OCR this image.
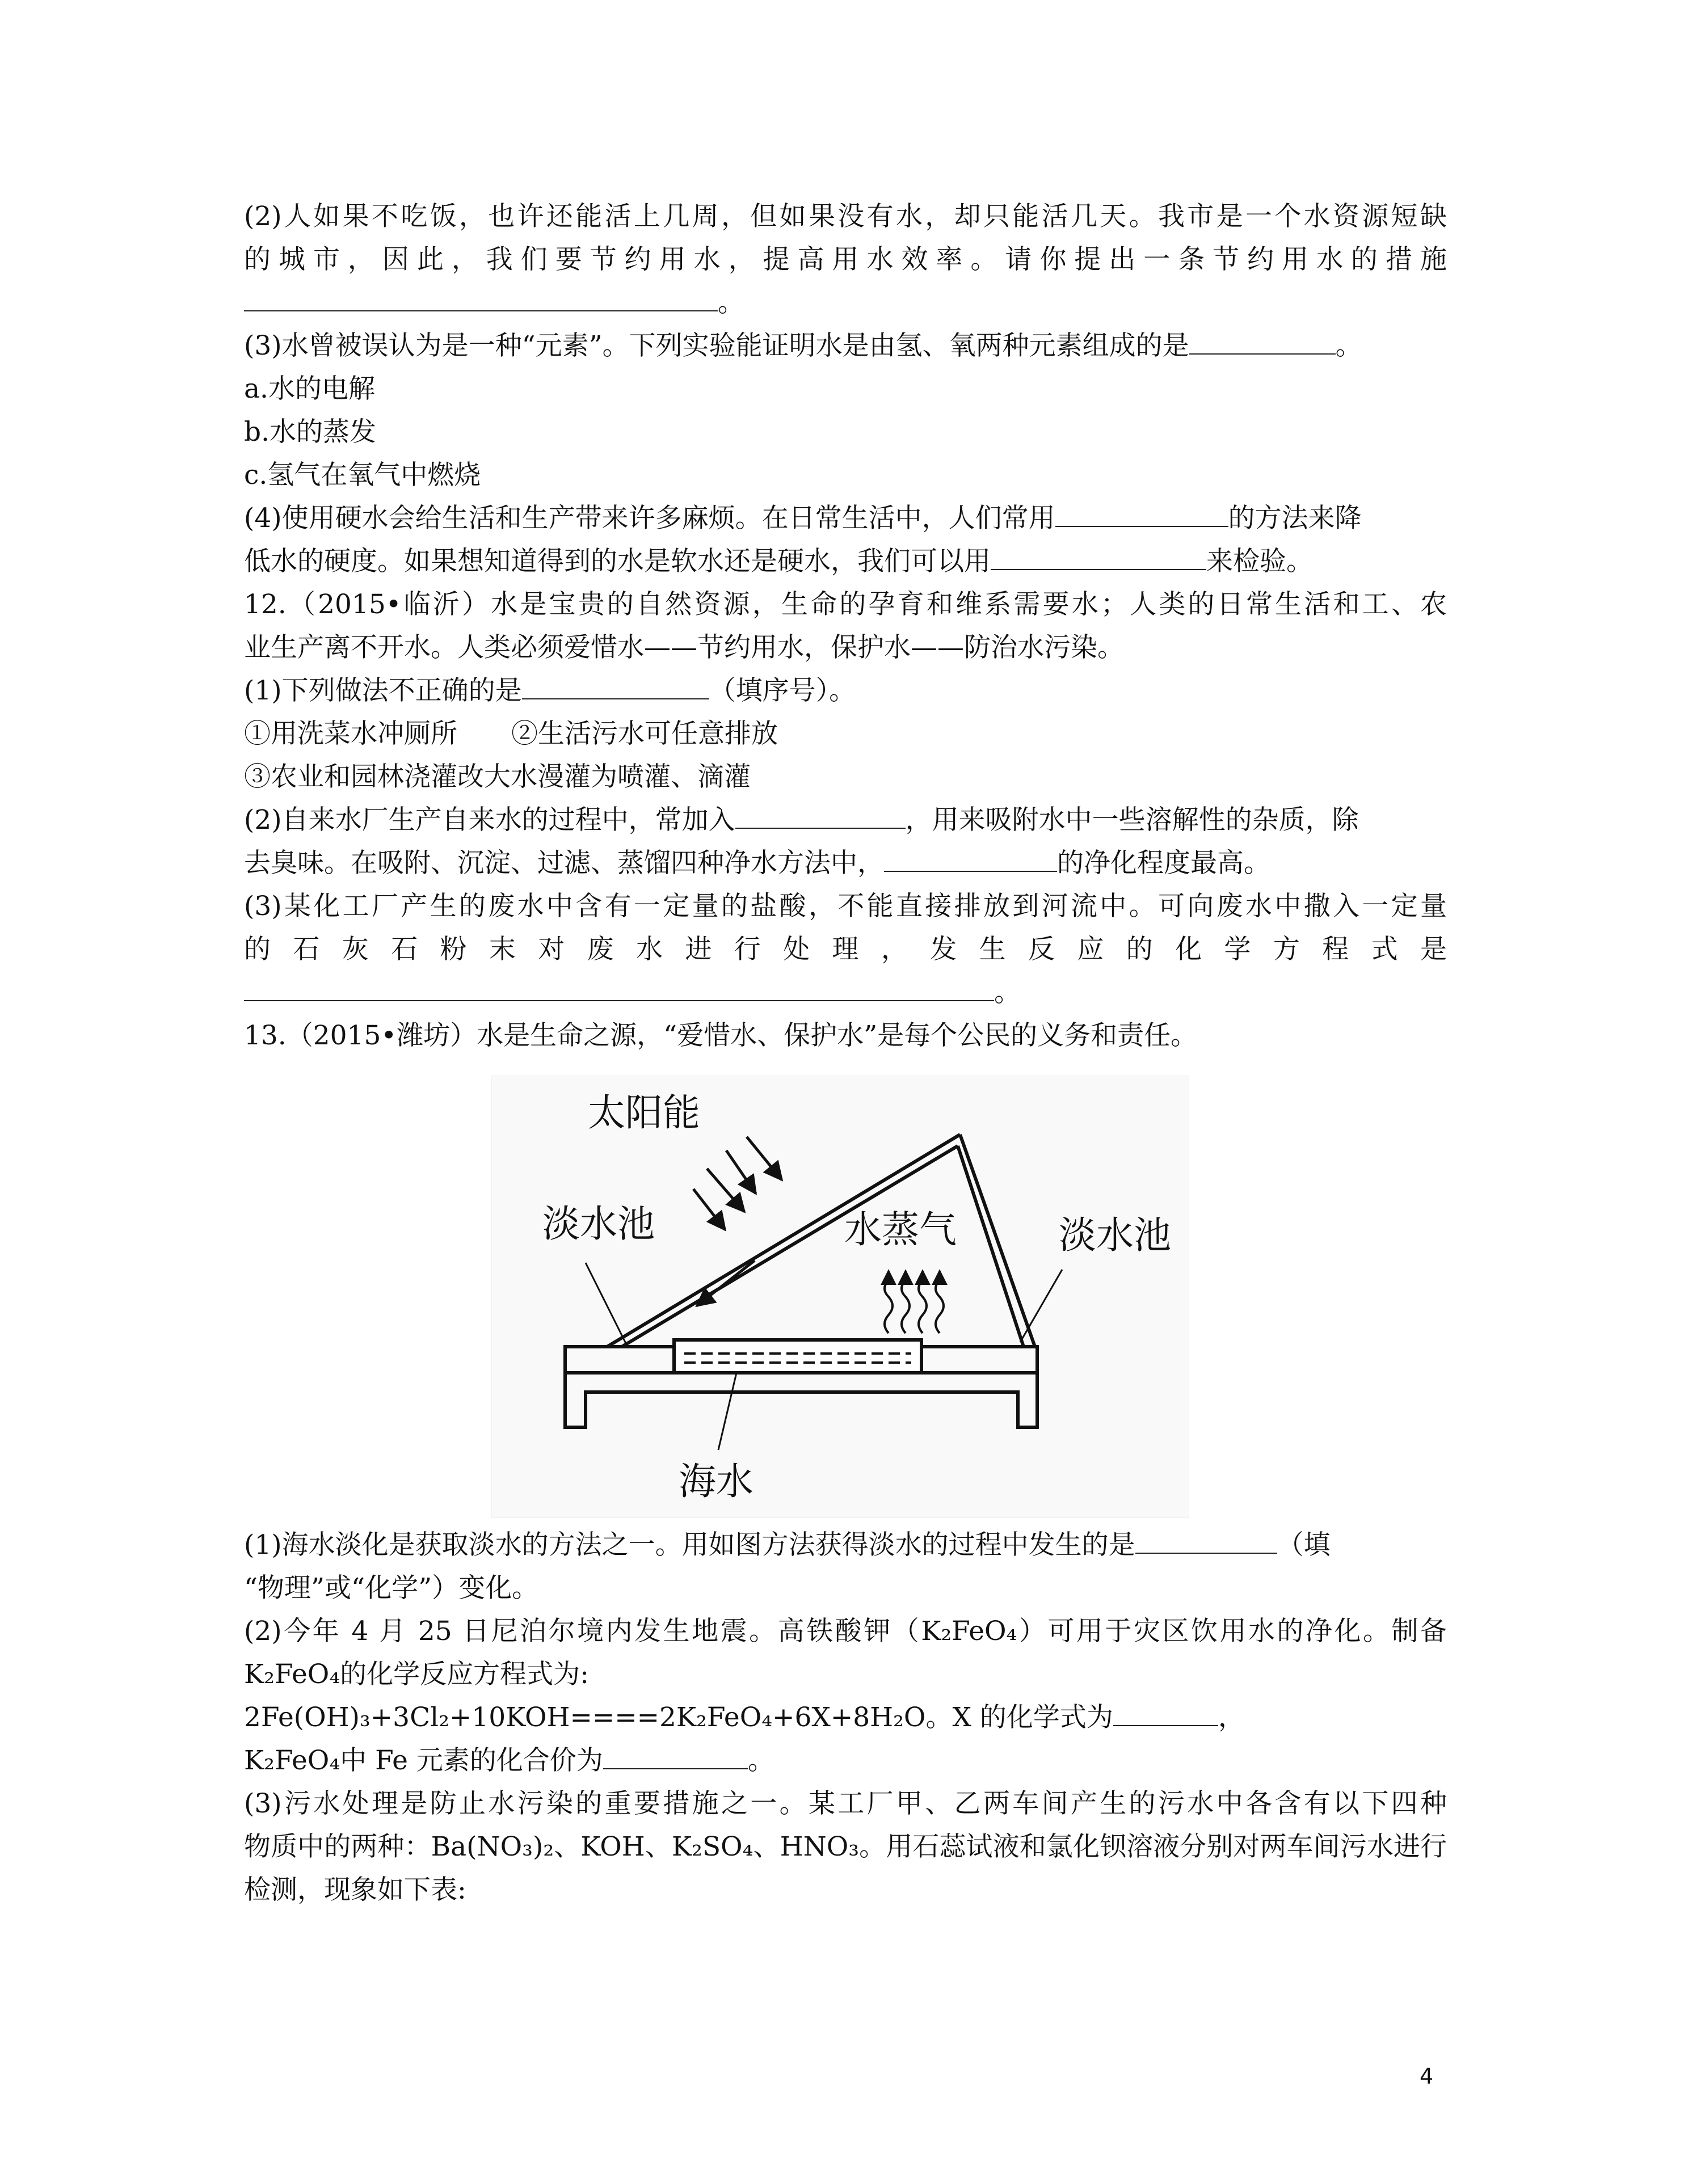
(2)人如果不吃饭，也许还能活上几周，但如果没有水，却只能活几天。我市是一个水资源短缺
的城市，因此，我们要节约用水，提高用水效率。请你提出一条节约用水的措施
。
(3)水曾被误认为是一种“元素”。下列实验能证明水是由氢、氧两种元素组成的是	。
a.水的电解
b.水的蒸发
c.氢气在氧气中燃烧
(4)使用硬水会给生活和生产带来许多麻烦。在日常生活中，人们常用	的方法来降
低水的硬度。如果想知道得到的水是软水还是硬水，我们可以用	来检验。
12.（2015•临沂）水是宝贵的自然资源，生命的孕育和维系需要水；人类的日常生活和工、农
业生产离不开水。人类必须爱惜水——节约用水，保护水——防治水污染。
(1)下列做法不正确的是	（填序号）。
①用洗菜水冲厕所 ②生活污水可任意排放
③农业和园林浇灌改大水漫灌为喷灌、滴灌
(2)自来水厂生产自来水的过程中，常加入	，用来吸附水中一些溶解性的杂质，除
去臭味。在吸附、沉淀、过滤、蒸馏四种净水方法中，	的净化程度最高。
(3)某化工厂产生的废水中含有一定量的盐酸，不能直接排放到河流中。可向废水中撒入一定量
的石灰石粉末对废水进行处理，发生反应的化学方程式是
。
13.（2015•潍坊）水是生命之源，“爱惜水、保护水”是每个公民的义务和责任。
太阳能
淡水池	水蒸气	淡水池
海水
(1)海水淡化是获取淡水的方法之一。用如图方法获得淡水的过程中发生的是	（填
“物理”或“化学”）变化。
(2)今年 4 月 25 日尼泊尔境内发生地震。高铁酸钾（K₂FeO₄）可用于灾区饮用水的净化。制备
K₂FeO₄的化学反应方程式为:
2Fe(OH)₃+3Cl₂+10KOH====2K₂FeO₄+6X+8H₂O。X 的化学式为	，
K₂FeO₄中 Fe 元素的化合价为	。
(3)污水处理是防止水污染的重要措施之一。某工厂甲、乙两车间产生的污水中各含有以下四种
物质中的两种：Ba(NO₃)₂、KOH、K₂SO₄、HNO₃。用石蕊试液和氯化钡溶液分别对两车间污水进行
检测，现象如下表:
4
